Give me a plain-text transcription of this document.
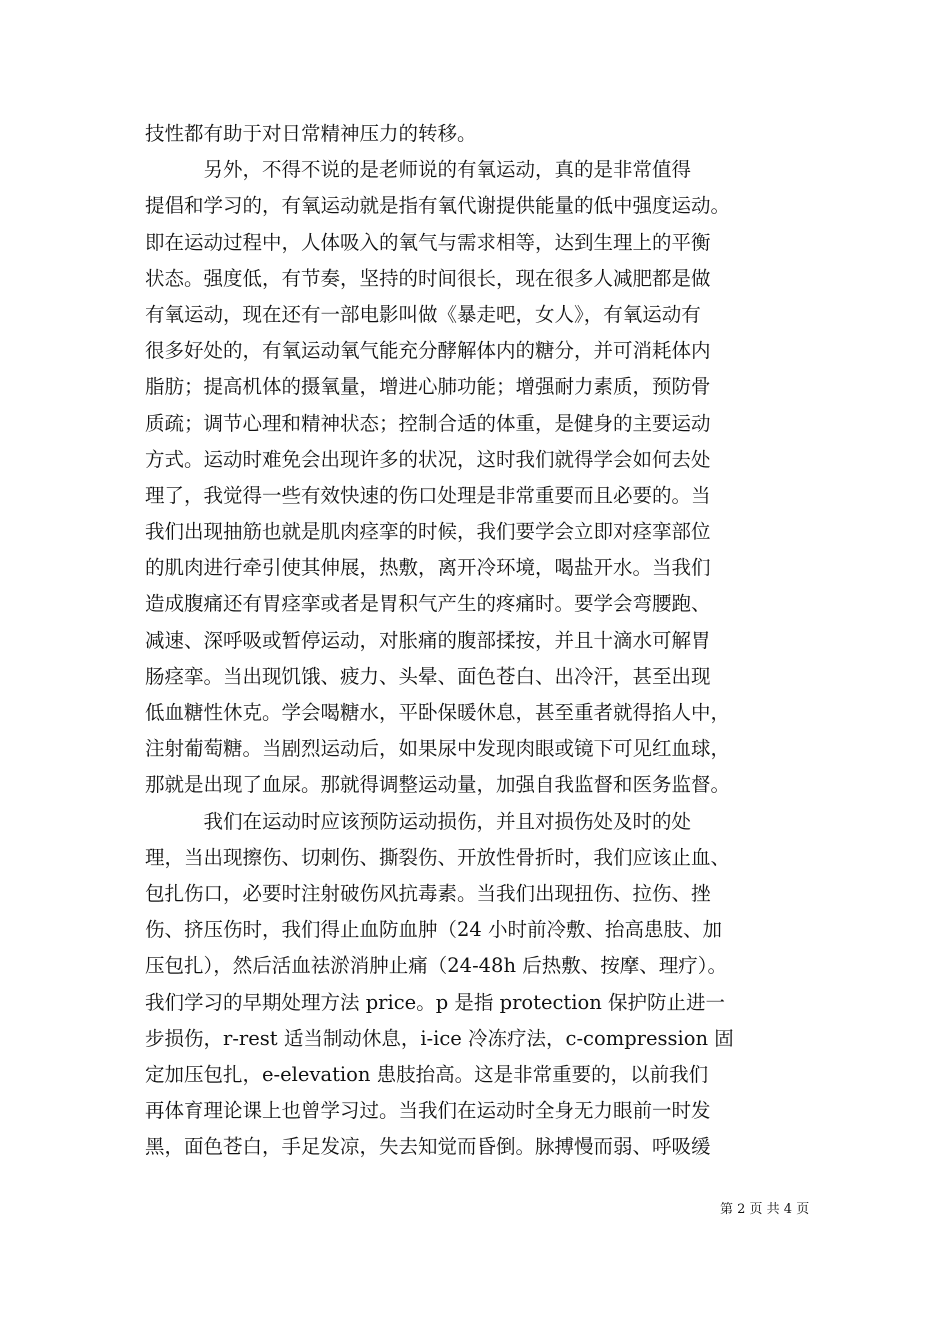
技性都有助于对日常精神压力的转移。
　　　另外，不得不说的是老师说的有氧运动，真的是非常值得
提倡和学习的，有氧运动就是指有氧代谢提供能量的低中强度运动。
即在运动过程中，人体吸入的氧气与需求相等，达到生理上的平衡
状态。强度低，有节奏，坚持的时间很长，现在很多人减肥都是做
有氧运动，现在还有一部电影叫做《暴走吧，女人》，有氧运动有
很多好处的，有氧运动氧气能充分酵解体内的糖分，并可消耗体内
脂肪；提高机体的摄氧量，增进心肺功能；增强耐力素质，预防骨
质疏；调节心理和精神状态；控制合适的体重，是健身的主要运动
方式。运动时难免会出现许多的状况，这时我们就得学会如何去处
理了，我觉得一些有效快速的伤口处理是非常重要而且必要的。当
我们出现抽筋也就是肌肉痉挛的时候，我们要学会立即对痉挛部位
的肌肉进行牵引使其伸展，热敷，离开冷环境，喝盐开水。当我们
造成腹痛还有胃痉挛或者是胃积气产生的疼痛时。要学会弯腰跑、
减速、深呼吸或暂停运动，对胀痛的腹部揉按，并且十滴水可解胃
肠痉挛。当出现饥饿、疲力、头晕、面色苍白、出冷汗，甚至出现
低血糖性休克。学会喝糖水，平卧保暖休息，甚至重者就得掐人中，
注射葡萄糖。当剧烈运动后，如果尿中发现肉眼或镜下可见红血球，
那就是出现了血尿。那就得调整运动量，加强自我监督和医务监督。
　　　我们在运动时应该预防运动损伤，并且对损伤处及时的处
理，当出现擦伤、切刺伤、撕裂伤、开放性骨折时，我们应该止血、
包扎伤口，必要时注射破伤风抗毒素。当我们出现扭伤、拉伤、挫
伤、挤压伤时，我们得止血防血肿（24 小时前冷敷、抬高患肢、加
压包扎），然后活血祛淤消肿止痛（24-48h 后热敷、按摩、理疗）。
我们学习的早期处理方法 price。p 是指 protection 保护防止进一
步损伤，r-rest 适当制动休息，i-ice 冷冻疗法，c-compression 固
定加压包扎，e-elevation 患肢抬高。这是非常重要的，以前我们
再体育理论课上也曾学习过。当我们在运动时全身无力眼前一时发
黑，面色苍白，手足发凉，失去知觉而昏倒。脉搏慢而弱、呼吸缓
第 2 页 共 4 页
